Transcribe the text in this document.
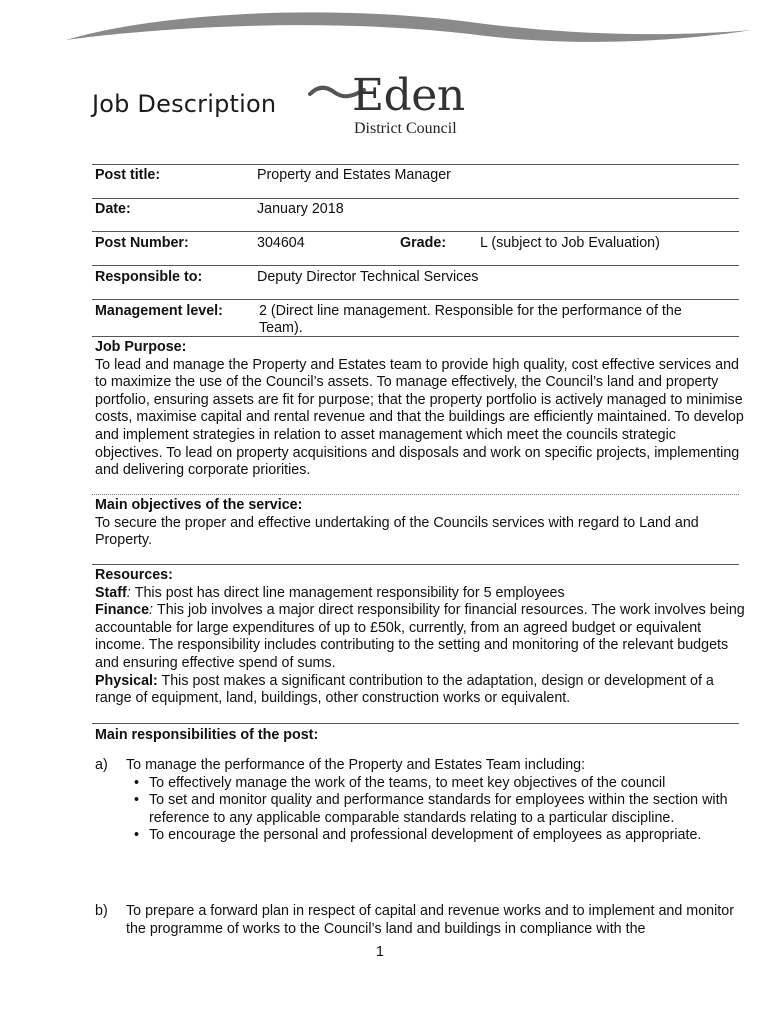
Job Description Eden
District Council
Post title:	Property and Estates Manager
Date:	January 2018
Post Number:	304604	Grade: L (subject to Job Evaluation)
Responsible to:	Deputy Director Technical Services
Management level:	2 (Direct line management. Responsible for the performance of the Team).
Job Purpose:
To lead and manage the Property and Estates team to provide high quality, cost effective services and to maximize the use of the Council’s assets. To manage effectively, the Council’s land and property portfolio, ensuring assets are fit for purpose; that the property portfolio is actively managed to minimise costs, maximise capital and rental revenue and that the buildings are efficiently maintained. To develop and implement strategies in relation to asset management which meet the councils strategic objectives. To lead on property acquisitions and disposals and work on specific projects, implementing and delivering corporate priorities.
Main objectives of the service:
To secure the proper and effective undertaking of the Councils services with regard to Land and Property.
Resources:
Staff: This post has direct line management responsibility for 5 employees
Finance: This job involves a major direct responsibility for financial resources. The work involves being accountable for large expenditures of up to £50k, currently, from an agreed budget or equivalent income. The responsibility includes contributing to the setting and monitoring of the relevant budgets and ensuring effective spend of sums.
Physical: This post makes a significant contribution to the adaptation, design or development of a range of equipment, land, buildings, other construction works or equivalent.
Main responsibilities of the post:
a) To manage the performance of the Property and Estates Team including:
• To effectively manage the work of the teams, to meet key objectives of the council
• To set and monitor quality and performance standards for employees within the section with reference to any applicable comparable standards relating to a particular discipline.
• To encourage the personal and professional development of employees as appropriate.
b) To prepare a forward plan in respect of capital and revenue works and to implement and monitor the programme of works to the Council’s land and buildings in compliance with the
1
